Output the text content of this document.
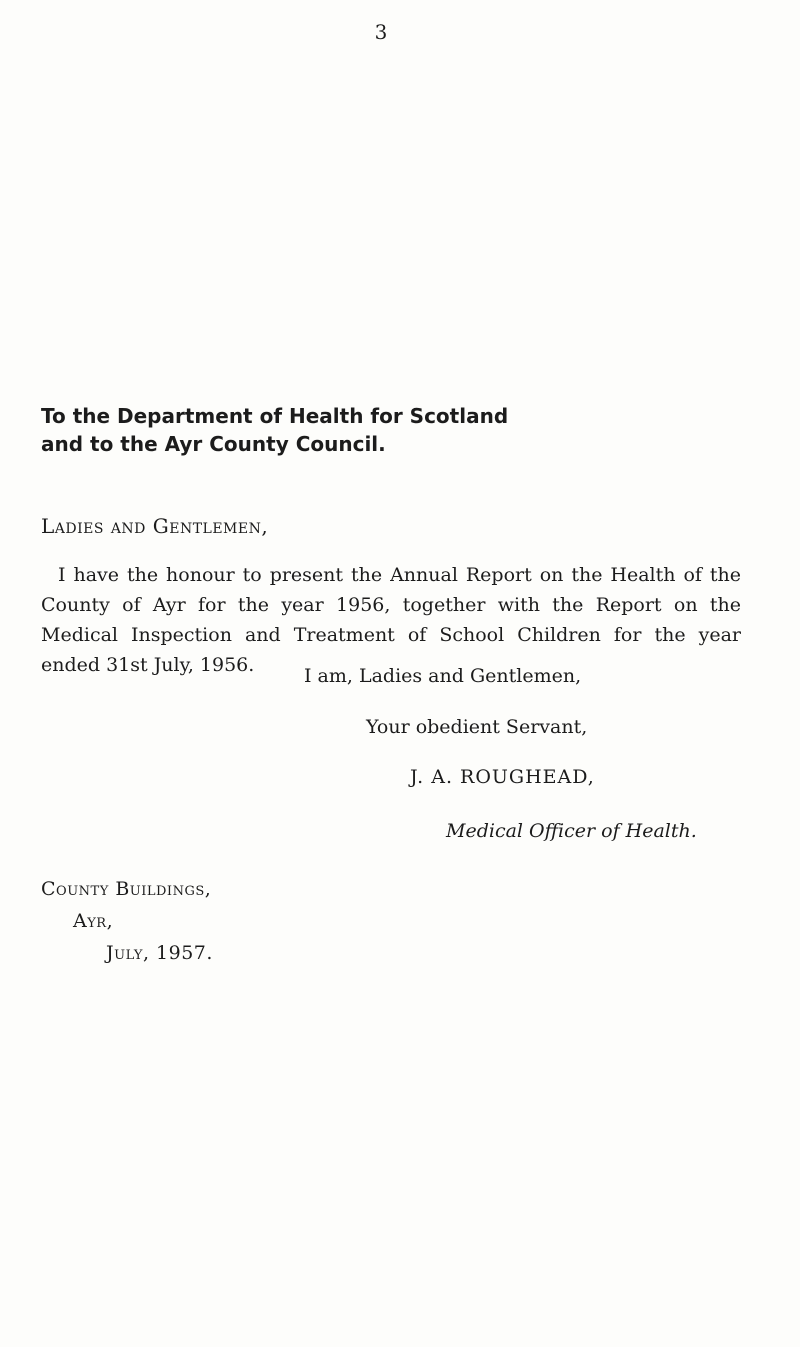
3
To the Department of Health for Scotland
and to the Ayr County Council.
Ladies and Gentlemen,

I have the honour to present the Annual Report on the Health of the County of Ayr for the year 1956, together with the Report on the Medical Inspection and Treatment of School Children for the year ended 31st July, 1956.	I am, Ladies and Gentlemen,
Your obedient Servant,
J. A. ROUGHEAD,
Medical Officer of Health.
County Buildings,
Ayr,
July, 1957.
